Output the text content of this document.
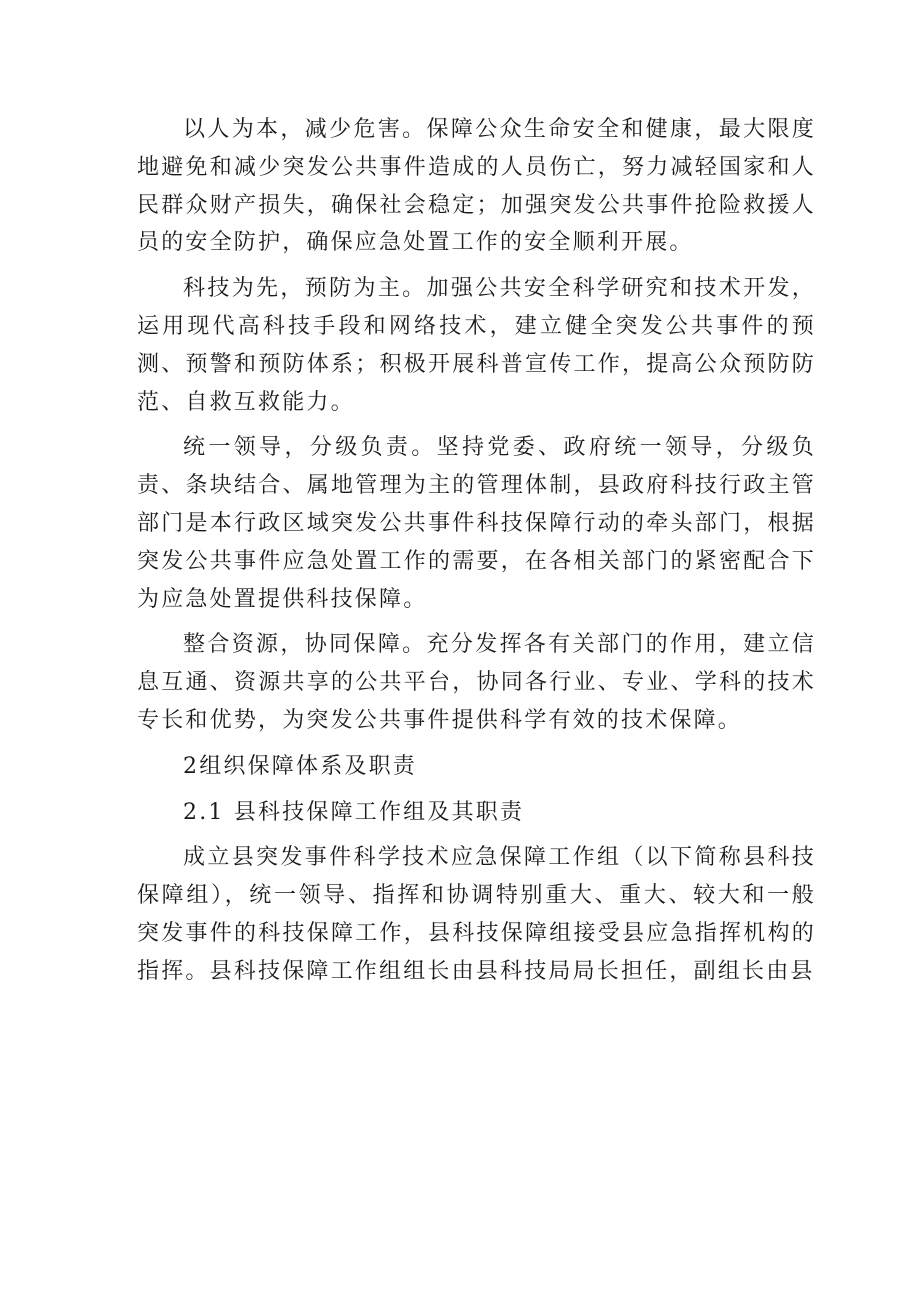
以人为本，减少危害。保障公众生命安全和健康，最大限度地避免和减少突发公共事件造成的人员伤亡，努力减轻国家和人民群众财产损失，确保社会稳定；加强突发公共事件抢险救援人员的安全防护，确保应急处置工作的安全顺利开展。

科技为先，预防为主。加强公共安全科学研究和技术开发，运用现代高科技手段和网络技术，建立健全突发公共事件的预测、预警和预防体系；积极开展科普宣传工作，提高公众预防防范、自救互救能力。

统一领导，分级负责。坚持党委、政府统一领导，分级负责、条块结合、属地管理为主的管理体制，县政府科技行政主管部门是本行政区域突发公共事件科技保障行动的牵头部门，根据突发公共事件应急处置工作的需要，在各相关部门的紧密配合下为应急处置提供科技保障。

整合资源，协同保障。充分发挥各有关部门的作用，建立信息互通、资源共享的公共平台，协同各行业、专业、学科的技术专长和优势，为突发公共事件提供科学有效的技术保障。

2组织保障体系及职责

2.1 县科技保障工作组及其职责

成立县突发事件科学技术应急保障工作组（以下简称县科技保障组），统一领导、指挥和协调特别重大、重大、较大和一般突发事件的科技保障工作，县科技保障组接受县应急指挥机构的指挥。县科技保障工作组组长由县科技局局长担任，副组长由县
